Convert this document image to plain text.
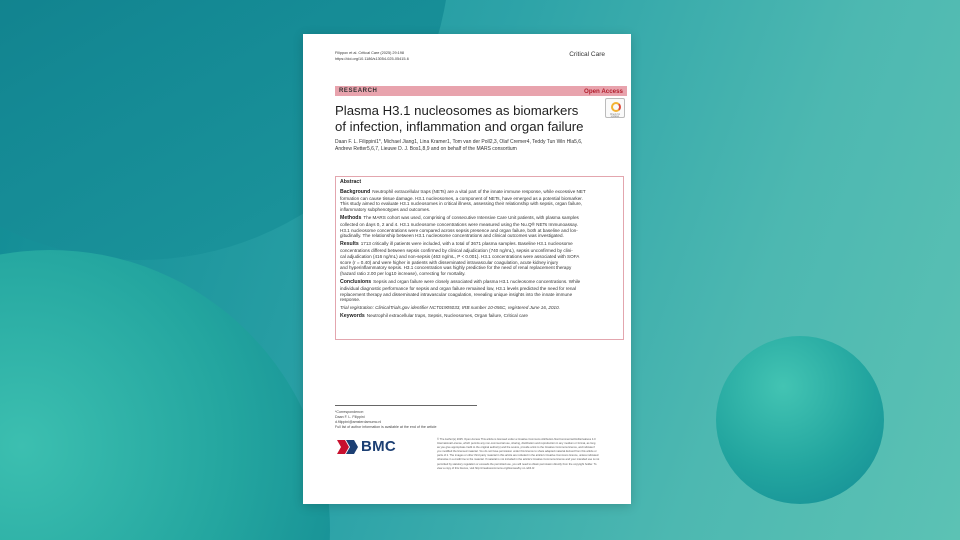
Filippov et al. Critical Care (2025) 29:198
https://doi.org/10.1186/s13054-025-05415-6
Critical Care
RESEARCH	Open Access
Check for updates
Plasma H3.1 nucleosomes as biomarkers
of infection, inflammation and organ failure
Daan F. L. Filippini1*, Michael Jiang1, Lina Kramer1, Tom van der Poll2,3, Olaf Cremer4, Teddy Tun Win Hla5,6,
Andrew Retter5,6,7, Lieuwe D. J. Bos1,8,9 and on behalf of the MARS consortium
Abstract
Background Neutrophil extracellular traps (NETs) are a vital part of the innate immune response, while excessive NET
formation can cause tissue damage. H3.1 nucleosomes, a component of NETs, have emerged as a potential biomarker.
This study aimed to evaluate H3.1 nucleosomes in critical illness, assessing their relationship with sepsis, organ failure,
inflammatory subphenotypes and outcomes.
Methods The MARS cohort was used, comprising of consecutive Intensive Care Unit patients, with plasma samples
collected on days 0, 2 and 4. H3.1 nucleosome concentrations were measured using the Nu.Q® NETs Immunoassay.
H3.1 nucleosome concentrations were compared across sepsis presence and organ failure, both at baseline and lon-
gitudinally. The relationship between H3.1 nucleosome concentrations and clinical outcomes was investigated.
Results 1713 critically ill patients were included, with a total of 3671 plasma samples. Baseline H3.1 nucleosome
concentrations differed between sepsis confirmed by clinical adjudication (740 ng/mL), sepsis unconfirmed by clini-
cal adjudication (416 ng/mL) and non-sepsis (463 ng/mL, P < 0.001). H3.1 concentrations were associated with SOFA
score (r = 0.40) and were higher in patients with disseminated intravascular coagulation, acute kidney injury
and hyperinflammatory sepsis. H3.1 concentration was highly predictive for the need of renal replacement therapy
(hazard ratio 2.00 per log10 increase), correcting for mortality.
Conclusions Sepsis and organ failure were closely associated with plasma H3.1 nucleosome concentrations. While
individual diagnostic performance for sepsis and organ failure remained low, H3.1 levels predicted the need for renal
replacement therapy and disseminated intravascular coagulation, revealing unique insights into the innate immune
response.
Trial registration: ClinicalTrials.gov identifier NCT01905033, IRB number 10-056C, registered June 16, 2010.
Keywords Neutrophil extracellular traps, Sepsis, Nucleosomes, Organ failure, Critical care
*Correspondence:
Daan F. L. Filippini
d.filippini@amsterdamumc.nl
Full list of author information is available at the end of the article
BMC	© The Author(s) 2025. Open Access This article is licensed under a Creative Commons Attribution-NonCommercial-NoDerivatives 4.0
International License, which permits any non-commercial use, sharing, distribution and reproduction in any medium or format, as long
as you give appropriate credit to the original author(s) and the source, provide a link to the Creative Commons licence, and indicate if
you modified the licensed material. You do not have permission under this licence to share adapted material derived from this article or
parts of it. The images or other third party material in this article are included in the article's Creative Commons licence, unless indicated
otherwise in a credit line to the material. If material is not included in the article's Creative Commons licence and your intended use is not
permitted by statutory regulation or exceeds the permitted use, you will need to obtain permission directly from the copyright holder. To
view a copy of this licence, visit http://creativecommons.org/licenses/by-nc-nd/4.0/.
